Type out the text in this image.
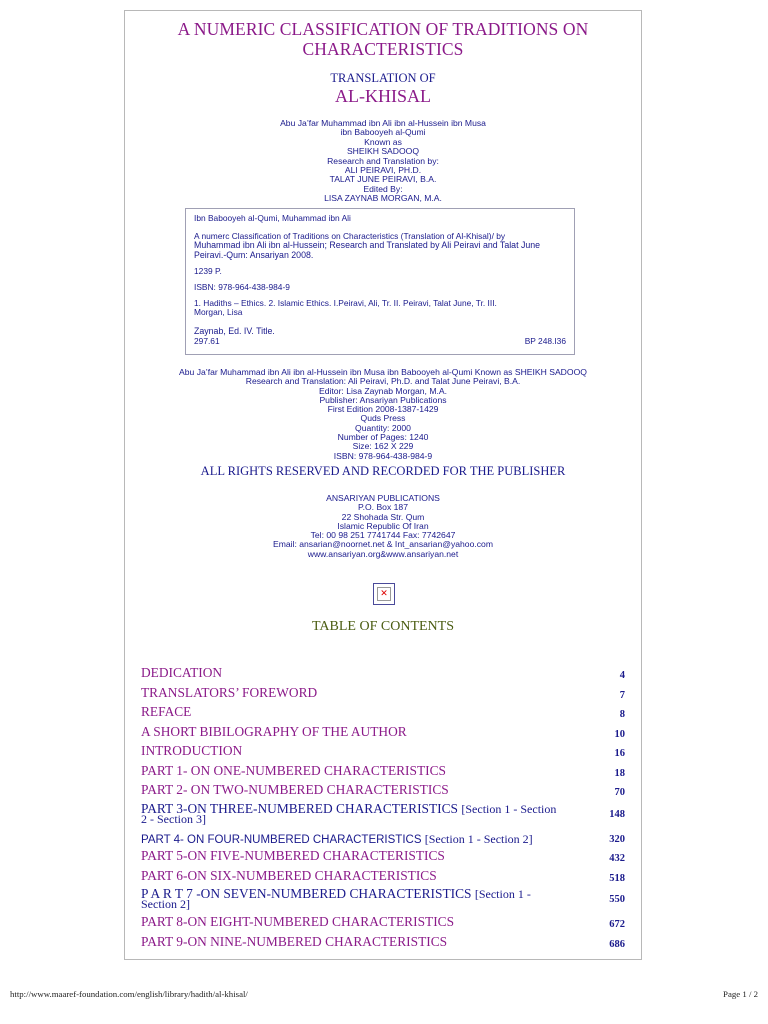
A NUMERIC CLASSIFICATION OF TRADITIONS ON
CHARACTERISTICS
TRANSLATION OF
AL-KHISAL
Abu Ja’far Muhammad ibn Ali ibn al-Hussein ibn Musa
ibn Babooyeh al-Qumi
Known as
SHEIKH SADOOQ
Research and Translation by:
ALI PEIRAVI, PH.D.
TALAT JUNE PEIRAVI, B.A.
Edited By:
LISA ZAYNAB MORGAN, M.A.

Ibn Babooyeh al-Qumi, Muhammad ibn Ali

A numerc Classification of Traditions on Characteristics (Translation of Al-Khisal)/ by
Muhammad ibn Ali ibn al-Hussein; Research and Translated by Ali Peiravi and Talat June
Peiravi.-Qum: Ansariyan 2008.

1239 P.

ISBN: 978-964-438-984-9

1. Hadiths – Ethics. 2. Islamic Ethics. I.Peiravi, Ali, Tr. II. Peiravi, Talat June, Tr. III.
Morgan, Lisa

Zaynab, Ed. IV. Title.

297.61	BP 248.I36
Abu Ja’far Muhammad ibn Ali ibn al-Hussein ibn Musa ibn Babooyeh al-Qumi Known as SHEIKH SADOOQ
Research and Translation: Ali Peiravi, Ph.D. and Talat June Peiravi, B.A.
Editor: Lisa Zaynab Morgan, M.A.
Publisher: Ansariyan Publications
First Edition 2008-1387-1429
Quds Press
Quantity: 2000
Number of Pages: 1240
Size: 162 X 229
ISBN: 978-964-438-984-9
ALL RIGHTS RESERVED AND RECORDED FOR THE PUBLISHER
ANSARIYAN PUBLICATIONS
P.O. Box 187
22 Shohada Str. Qum
Islamic Republic Of Iran
Tel: 00 98 251 7741744 Fax: 7742647
Email: ansarian@noornet.net & Int_ansarian@yahoo.com
www.ansariyan.org&www.ansariyan.net
✕
TABLE OF CONTENTS
DEDICATION	4
TRANSLATORS’ FOREWORD	7
REFACE	8
A SHORT BIBILOGRAPHY OF THE AUTHOR	10
INTRODUCTION	16
PART 1- ON ONE-NUMBERED CHARACTERISTICS	18
PART 2- ON TWO-NUMBERED CHARACTERISTICS	70
PART 3-ON THREE-NUMBERED CHARACTERISTICS [Section 1 - Section
2 - Section 3]	148
PART 4- ON FOUR-NUMBERED CHARACTERISTICS [Section 1 - Section 2]	320
PART 5-ON FIVE-NUMBERED CHARACTERISTICS	432
PART 6-ON SIX-NUMBERED CHARACTERISTICS	518
P A R T 7 -ON SEVEN-NUMBERED CHARACTERISTICS [Section 1 -
Section 2]	550
PART 8-ON EIGHT-NUMBERED CHARACTERISTICS	672
PART 9-ON NINE-NUMBERED CHARACTERISTICS	686
http://www.maaref-foundation.com/english/library/hadith/al-khisal/	Page 1 / 2
